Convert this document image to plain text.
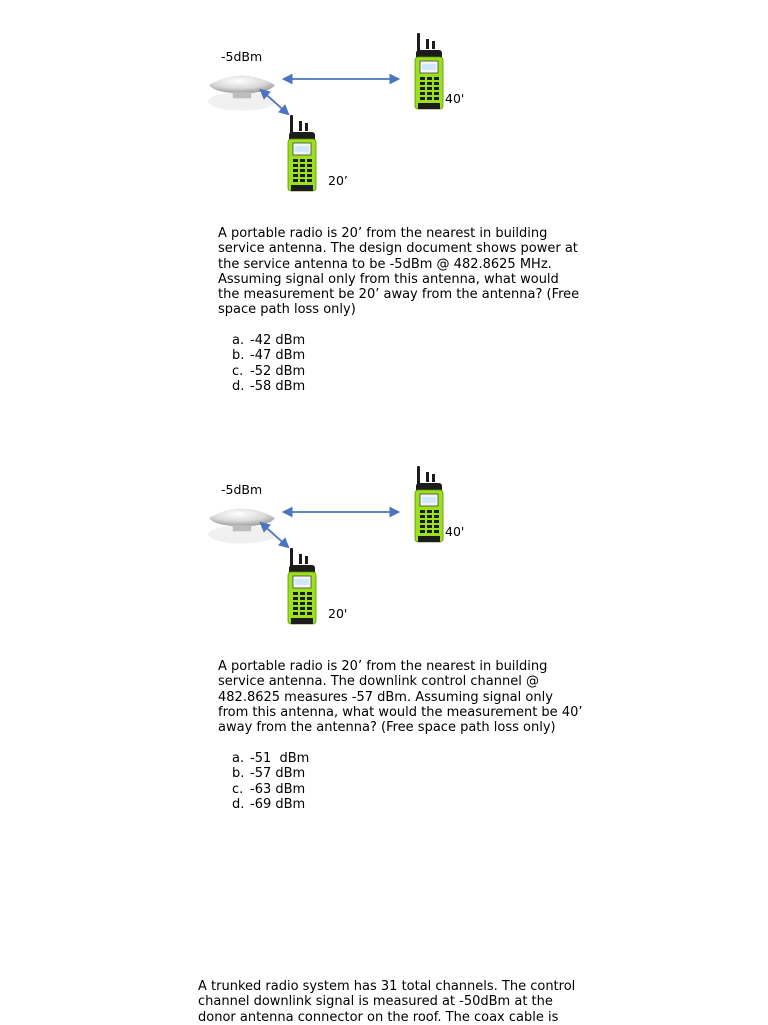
-5dBm
40'
20’
A portable radio is 20’ from the nearest in building
service antenna. The design document shows power at
the service antenna to be -5dBm @ 482.8625 MHz.
Assuming signal only from this antenna, what would
the measurement be 20’ away from the antenna? (Free
space path loss only)
a. -42 dBm
b. -47 dBm
c. -52 dBm
d. -58 dBm
-5dBm
40'
20'
A portable radio is 20’ from the nearest in building
service antenna. The downlink control channel @
482.8625 measures -57 dBm. Assuming signal only
from this antenna, what would the measurement be 40’
away from the antenna? (Free space path loss only)
a. -51  dBm
b. -57 dBm
c. -63 dBm
d. -69 dBm
A trunked radio system has 31 total channels. The control
channel downlink signal is measured at -50dBm at the
donor antenna connector on the roof. The coax cable is
